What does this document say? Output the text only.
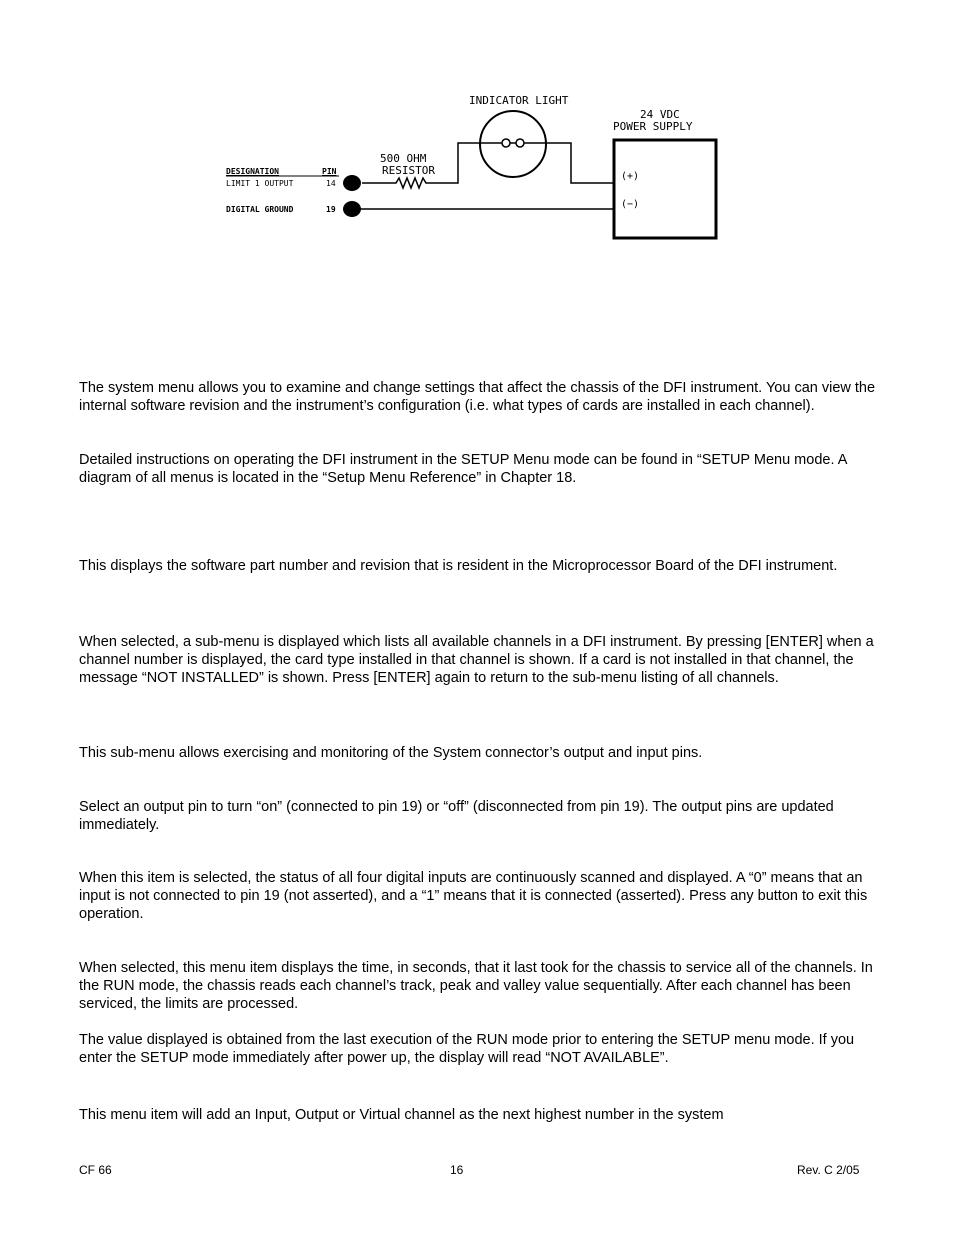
INDICATOR LIGHT
24 VDC
POWER SUPPLY
(+)
(−)
500 OHM
RESISTOR
DESIGNATION	PIN
LIMIT 1 OUTPUT	14
DIGITAL GROUND	19

The system menu allows you to examine and change settings that affect the chassis of the DFI instrument. You can view the internal software revision and the instrument’s configuration (i.e. what types of cards are installed in each channel).

Detailed instructions on operating the DFI instrument in the SETUP Menu mode can be found in “SETUP Menu mode. A diagram of all menus is located in the “Setup Menu Reference” in Chapter 18.

This displays the software part number and revision that is resident in the Microprocessor Board of the DFI instrument.

When selected, a sub-menu is displayed which lists all available channels in a DFI instrument. By pressing [ENTER] when a channel number is displayed, the card type installed in that channel is shown. If a card is not installed in that channel, the message “NOT INSTALLED” is shown. Press [ENTER] again to return to the sub-menu listing of all channels.

This sub-menu allows exercising and monitoring of the System connector’s output and input pins.

Select an output pin to turn “on” (connected to pin 19) or “off” (disconnected from pin 19). The output pins are updated immediately.

When this item is selected, the status of all four digital inputs are continuously scanned and displayed. A “0” means that an input is not connected to pin 19 (not asserted), and a “1” means that it is connected (asserted). Press any button to exit this operation.

When selected, this menu item displays the time, in seconds, that it last took for the chassis to service all of the channels. In the RUN mode, the chassis reads each channel’s track, peak and valley value sequentially. After each channel has been serviced, the limits are processed.

The value displayed is obtained from the last execution of the RUN mode prior to entering the SETUP menu mode. If you enter the SETUP mode immediately after power up, the display will read “NOT AVAILABLE”.

This menu item will add an Input, Output or Virtual channel as the next highest number in the system

CF 66	16	Rev. C 2/05
